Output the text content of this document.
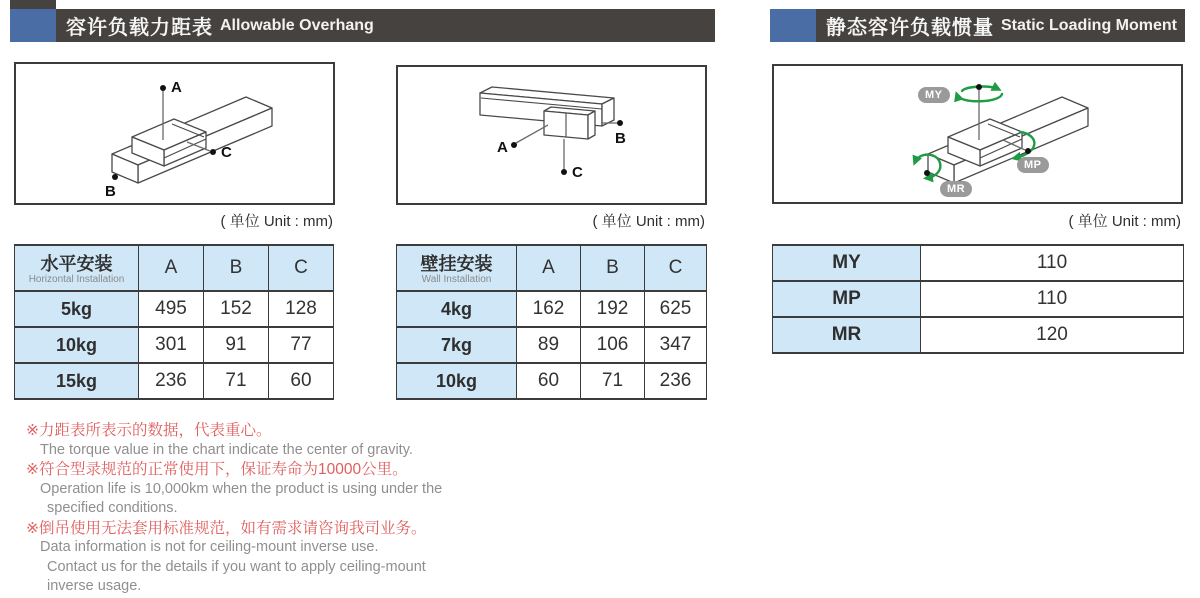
容许负载力距表 Allowable Overhang	静态容许负载惯量 Static Loading Moment
A
B
C
( 单位 Unit : mm)
A
B
C
( 单位 Unit : mm)
MY
MP
MR
( 单位 Unit : mm)
水平安装
Horizontal Installation	A	B	C
5kg	495	152	128
10kg	301	91	77
15kg	236	71	60
壁挂安装
Wall Installation	A	B	C
4kg	162	192	625
7kg	89	106	347
10kg	60	71	236
MY	110
MP	110
MR	120
※力距表所表示的数据，代表重心。
The torque value in the chart indicate the center of gravity.
※符合型录规范的正常使用下，保证寿命为10000公里。
Operation life is 10,000km when the product is using under the
specified conditions.
※倒吊使用无法套用标准规范，如有需求请咨询我司业务。
Data information is not for ceiling-mount inverse use.
Contact us for the details if you want to apply ceiling-mount
inverse usage.
